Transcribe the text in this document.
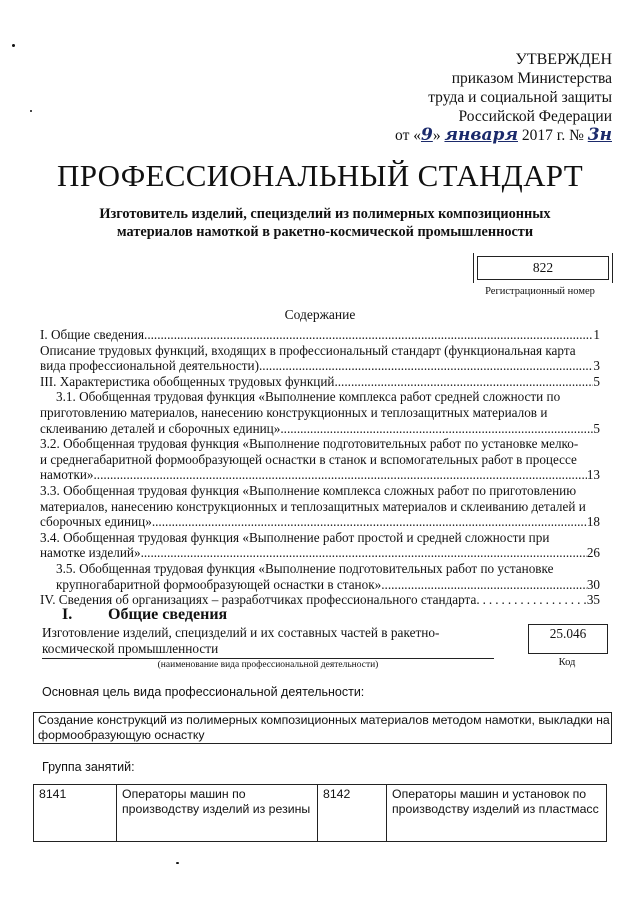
УТВЕРЖДЕН
приказом Министерства
труда и социальной защиты
Российской Федерации
от «9» января 2017 г. № 3н
ПРОФЕССИОНАЛЬНЫЙ СТАНДАРТ
Изготовитель изделий, специзделий из полимерных композиционных
материалов намоткой в ракетно-космической промышленности
822
Регистрационный номер
Содержание
I. Общие сведения .....	1
Описание трудовых функций, входящих в профессиональный стандарт (функциональная карта
вида профессиональной деятельности) .....	3
III. Характеристика обобщенных трудовых функций .....	5
3.1. Обобщенная трудовая функция «Выполнение комплекса работ средней сложности по
приготовлению материалов, нанесению конструкционных и теплозащитных материалов и
склеиванию деталей и сборочных единиц» .....	5
3.2. Обобщенная трудовая функция «Выполнение подготовительных работ по установке мелко-
и среднегабаритной формообразующей оснастки в станок и вспомогательных работ в процессе
намотки» .....	13
3.3. Обобщенная трудовая функция «Выполнение комплекса сложных работ по приготовлению
материалов, нанесению конструкционных и теплозащитных материалов и склеиванию деталей и
сборочных единиц» .....	18
3.4. Обобщенная трудовая функция «Выполнение работ простой и средней сложности при
намотке изделий» .....	26
3.5. Обобщенная трудовая функция «Выполнение подготовительных работ по установке
крупногабаритной формообразующей оснастки в станок» .....	30
IV. Сведения об организациях – разработчиках профессионального стандарта .....	35
I. Общие сведения
Изготовление изделий, специзделий и их составных частей в ракетно-космической промышленности
(наименование вида профессиональной деятельности)
25.046
Код
Основная цель вида профессиональной деятельности:
Создание конструкций из полимерных композиционных материалов методом намотки, выкладки на формообразующую оснастку
Группа занятий:
8141	Операторы машин по производству изделий из резины	8142	Операторы машин и установок по производству изделий из пластмасс
